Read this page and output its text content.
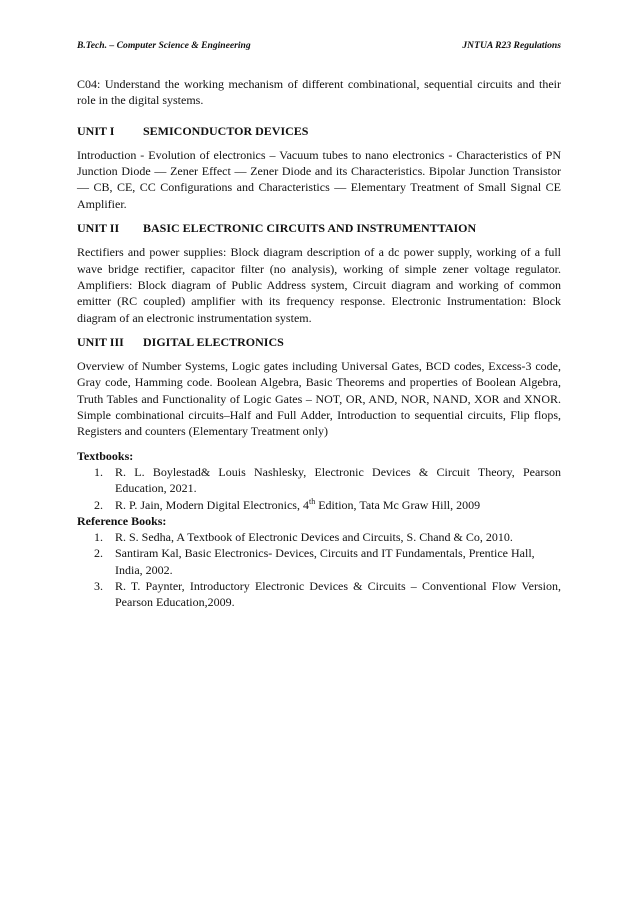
B.Tech. – Computer Science & Engineering	JNTUA R23 Regulations

C04: Understand the working mechanism of different combinational, sequential circuits and their role in the digital systems.

UNIT I	SEMICONDUCTOR DEVICES

Introduction - Evolution of electronics – Vacuum tubes to nano electronics - Characteristics of PN Junction Diode — Zener Effect — Zener Diode and its Characteristics. Bipolar Junction Transistor — CB, CE, CC Configurations and Characteristics — Elementary Treatment of Small Signal CE Amplifier.

UNIT II	BASIC ELECTRONIC CIRCUITS AND INSTRUMENTTAION

Rectifiers and power supplies: Block diagram description of a dc power supply, working of a full wave bridge rectifier, capacitor filter (no analysis), working of simple zener voltage regulator. Amplifiers: Block diagram of Public Address system, Circuit diagram and working of common emitter (RC coupled) amplifier with its frequency response. Electronic Instrumentation: Block diagram of an electronic instrumentation system.

UNIT III	DIGITAL ELECTRONICS

Overview of Number Systems, Logic gates including Universal Gates, BCD codes, Excess-3 code, Gray code, Hamming code. Boolean Algebra, Basic Theorems and properties of Boolean Algebra, Truth Tables and Functionality of Logic Gates – NOT, OR, AND, NOR, NAND, XOR and XNOR. Simple combinational circuits–Half and Full Adder, Introduction to sequential circuits, Flip flops, Registers and counters (Elementary Treatment only)

Textbooks:
1. R. L. Boylestad& Louis Nashlesky, Electronic Devices & Circuit Theory, Pearson Education, 2021.
2. R. P. Jain, Modern Digital Electronics, 4th Edition, Tata Mc Graw Hill, 2009
Reference Books:
1. R. S. Sedha, A Textbook of Electronic Devices and Circuits, S. Chand & Co, 2010.
2. Santiram Kal, Basic Electronics- Devices, Circuits and IT Fundamentals, Prentice Hall,
India, 2002.
3. R. T. Paynter, Introductory Electronic Devices & Circuits – Conventional Flow Version, Pearson Education,2009.
